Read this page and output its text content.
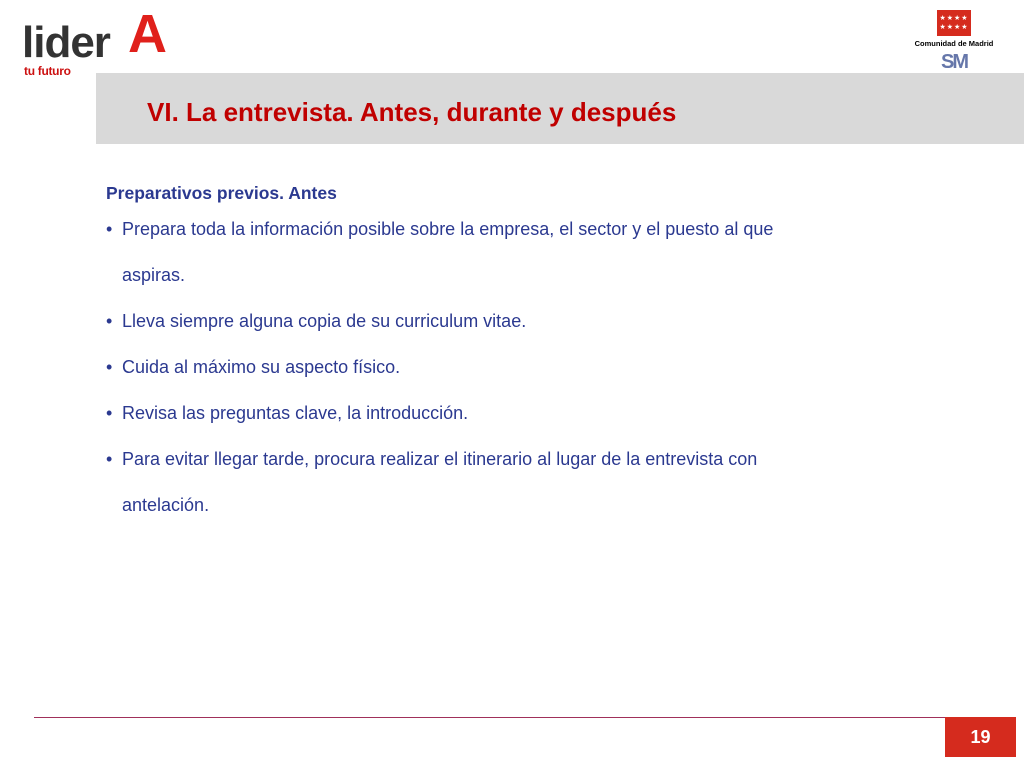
lider A
tu futuro
★★★★
★★★★
Comunidad de Madrid
SM
VI. La entrevista. Antes, durante y después

Preparativos previos. Antes

• Prepara toda la información posible sobre la empresa, el sector y el puesto al que
aspiras.
• Lleva siempre alguna copia de su curriculum vitae.
• Cuida al máximo su aspecto físico.
• Revisa las preguntas clave, la introducción.
• Para evitar llegar tarde, procura realizar el itinerario al lugar de la entrevista con
antelación.
19
